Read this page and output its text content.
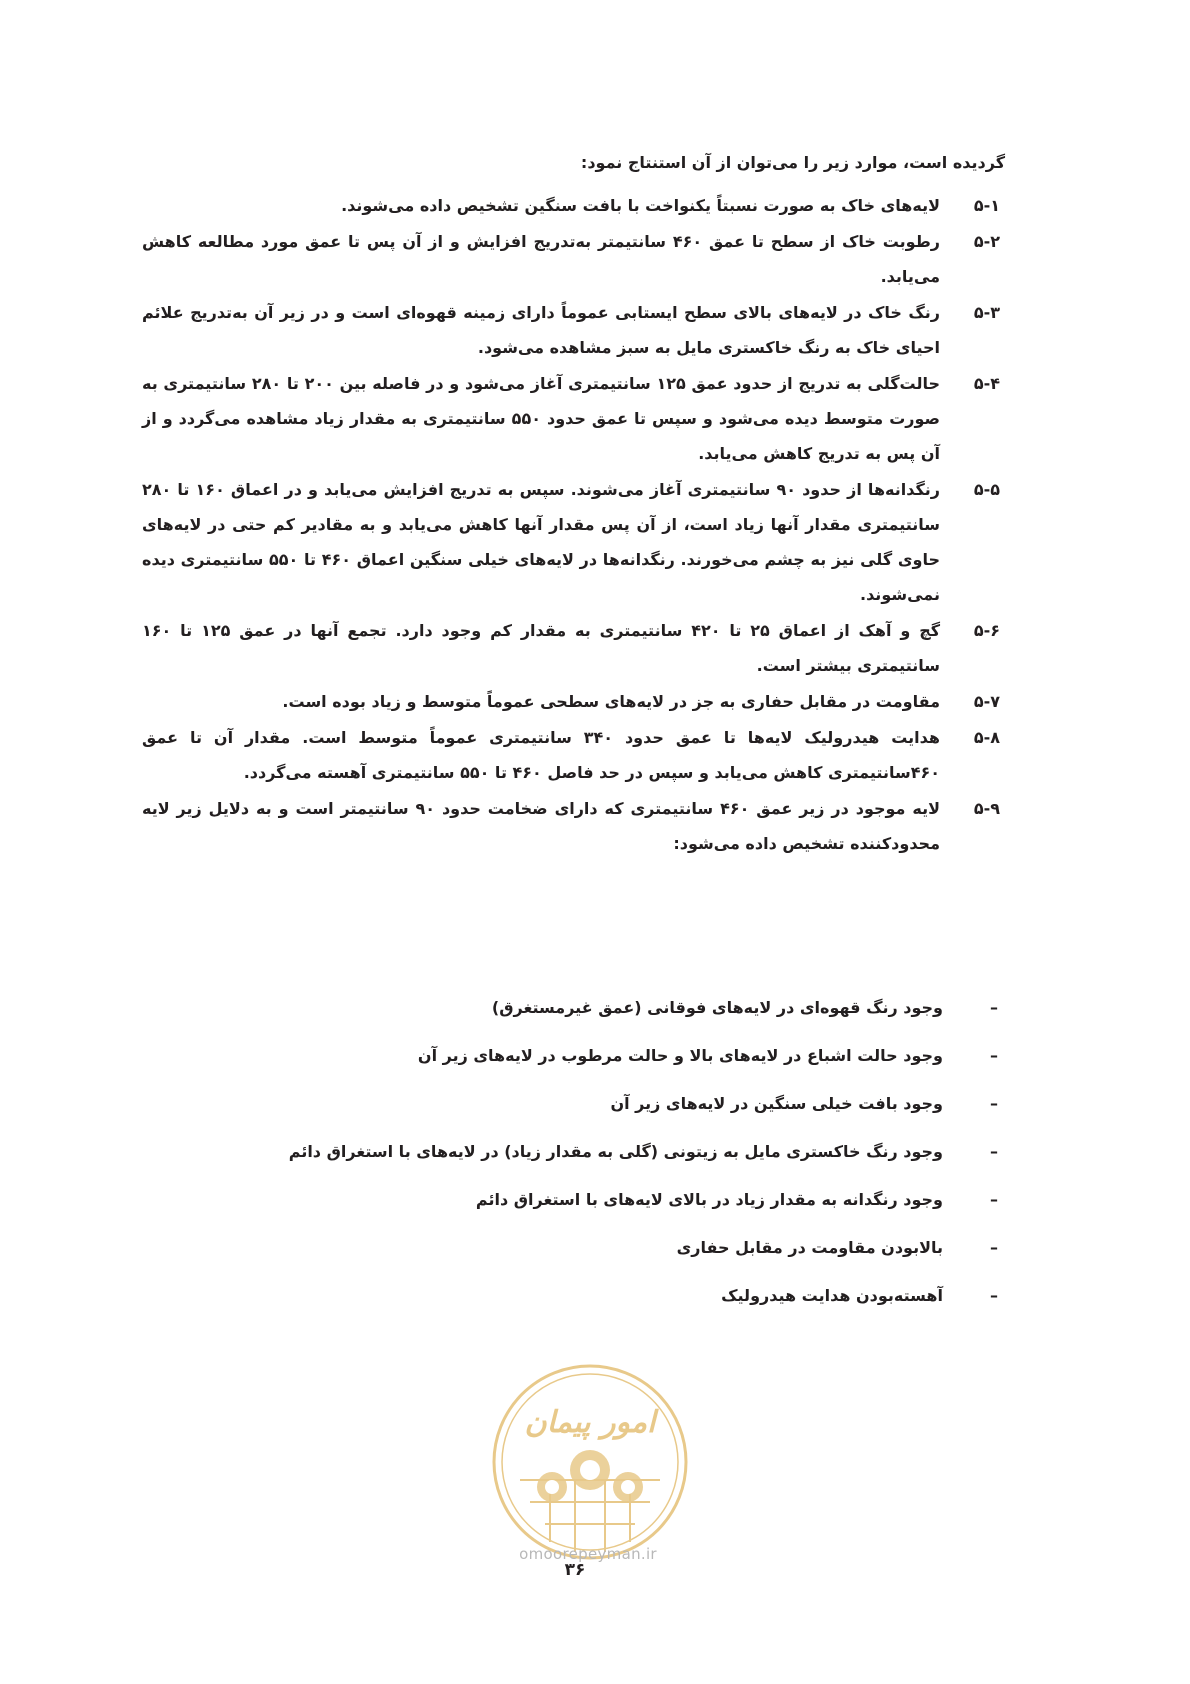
گردیده است، موارد زیر را می‌توان از آن استنتاج نمود:
۵-۱
لایه‌های خاک به صورت نسبتاً یکنواخت با بافت سنگین تشخیص داده می‌شوند.
۵-۲
رطوبت خاک از سطح تا عمق ۴۶۰ سانتیمتر به‌تدریج افزایش و از آن پس تا عمق مورد مطالعه کاهش می‌یابد.
۵-۳
رنگ خاک در لایه‌های بالای سطح ایستابی عموماً دارای زمینه قهوه‌ای است و در زیر آن به‌تدریج علائم احیای خاک به رنگ خاکستری مایل به سبز مشاهده می‌شود.
۵-۴
حالت‌گلی به تدریج از حدود عمق ۱۲۵ سانتیمتری آغاز می‌شود و در فاصله بین ۲۰۰ تا ۲۸۰ سانتیمتری به صورت متوسط دیده می‌شود و سپس تا عمق حدود ۵۵۰ سانتیمتری به مقدار زیاد مشاهده می‌گردد و از آن پس به تدریج کاهش می‌یابد.
۵-۵
رنگدانه‌ها از حدود ۹۰ سانتیمتری آغاز می‌شوند. سپس به تدریج افزایش می‌یابد و در اعماق ۱۶۰ تا ۲۸۰ سانتیمتری مقدار آنها زیاد است، از آن پس مقدار آنها کاهش می‌یابد و به مقادیر کم حتی در لایه‌های حاوی گلی نیز به چشم می‌خورند. رنگدانه‌ها در لایه‌های خیلی سنگین اعماق ۴۶۰ تا ۵۵۰ سانتیمتری دیده نمی‌شوند.
۵-۶
گچ و آهک از اعماق ۲۵ تا ۴۲۰ سانتیمتری به مقدار کم وجود دارد. تجمع آنها در عمق ۱۲۵ تا ۱۶۰ سانتیمتری بیشتر است.
۵-۷
مقاومت در مقابل حفاری به جز در لایه‌های سطحی عموماً متوسط و زیاد بوده است.
۵-۸
هدایت هیدرولیک لایه‌ها تا عمق حدود ۳۴۰ سانتیمتری عموماً متوسط است. مقدار آن تا عمق ۴۶۰سانتیمتری کاهش می‌یابد و سپس در حد فاصل ۴۶۰ تا ۵۵۰ سانتیمتری آهسته می‌گردد.
۵-۹
لایه موجود در زیر عمق ۴۶۰ سانتیمتری که دارای ضخامت حدود ۹۰ سانتیمتر است و به دلایل زیر لایه محدودکننده تشخیص داده می‌شود:
–
وجود رنگ قهوه‌ای در لایه‌های فوقانی (عمق غیرمستغرق)
–
وجود حالت اشباع در لایه‌های بالا و حالت مرطوب در لایه‌های زیر آن
–
وجود بافت خیلی سنگین در لایه‌های زیر آن
–
وجود رنگ خاکستری مایل به زیتونی (گلی به مقدار زیاد) در لایه‌های با استغراق دائم
–
وجود رنگدانه به مقدار زیاد در بالای لایه‌های با استغراق دائم
–
بالابودن مقاومت در مقابل حفاری
–
آهسته‌بودن هدایت هیدرولیک
امور پیمان
omoorepeyman.ir
۳۶
